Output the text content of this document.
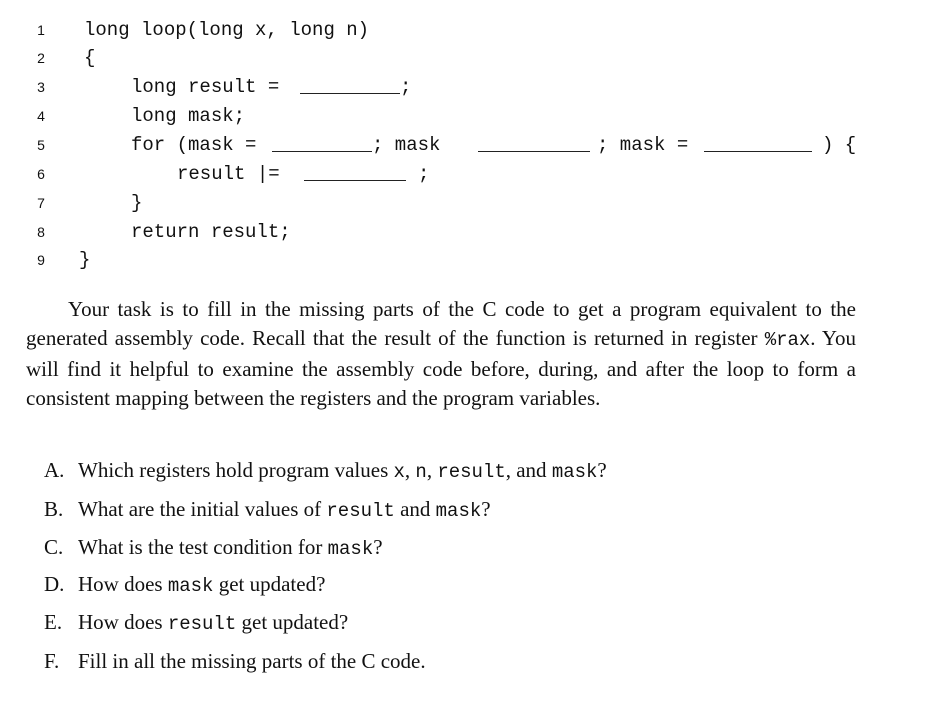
1	long loop(long x, long n)
2	{
3	long result =	;
4	long mask;
5	for (mask =	; mask	; mask =	) {
6	result |=	;
7	}
8	return result;
9	}

Your task is to fill in the missing parts of the C code to get a program equivalent to the generated assembly code. Recall that the result of the function is returned in register %rax. You will find it helpful to examine the assembly code before, during, and after the loop to form a consistent mapping between the registers and the program variables.

A. Which registers hold program values x, n, result, and mask?
B. What are the initial values of result and mask?
C. What is the test condition for mask?
D. How does mask get updated?
E. How does result get updated?
F. Fill in all the missing parts of the C code.
